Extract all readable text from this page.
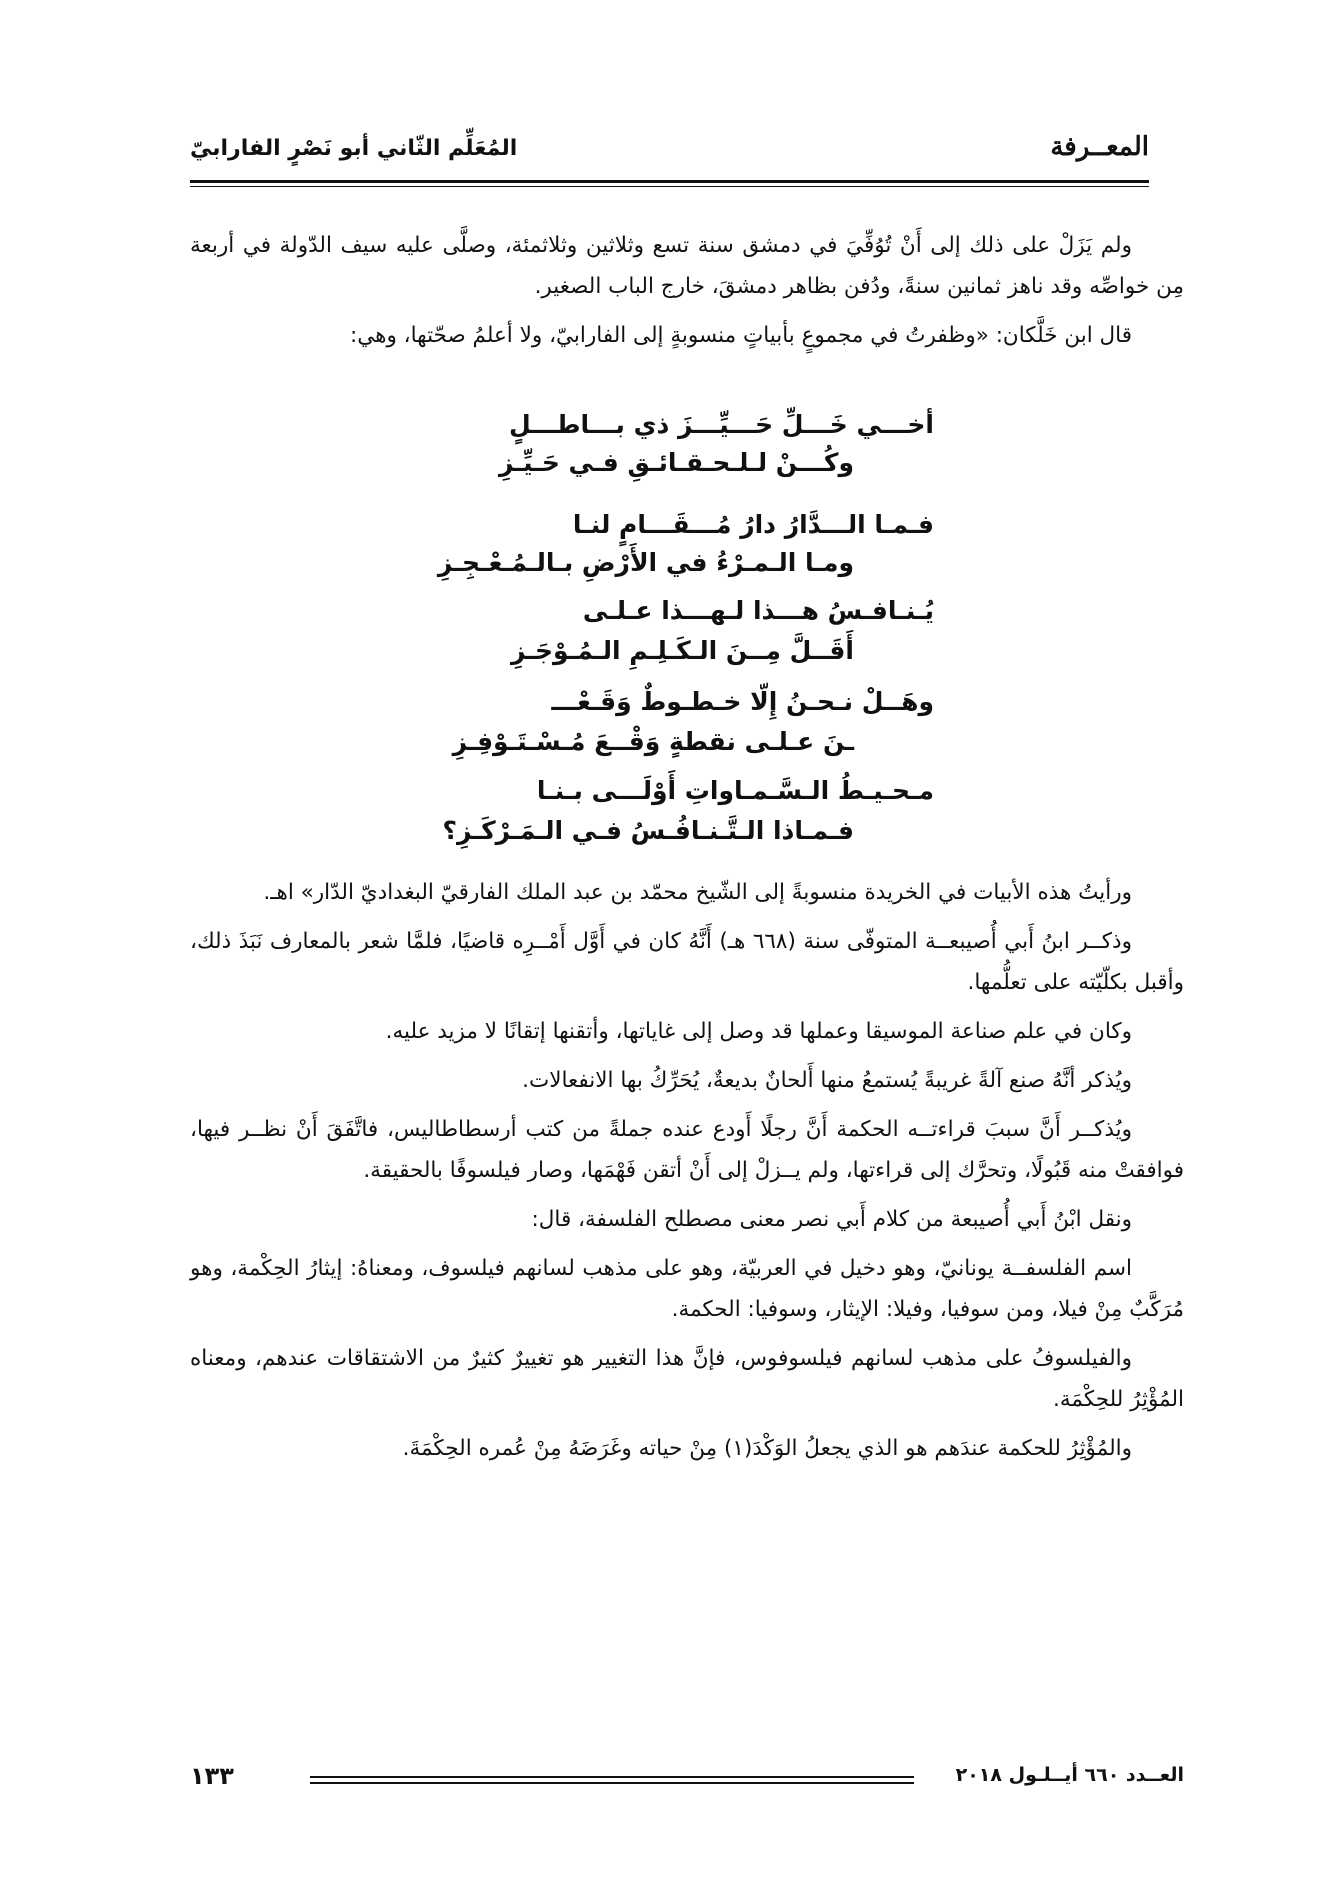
المعــرفة
المُعَلِّم الثّاني أبو نَصْرٍ الفارابيّ

ولم يَزَلْ على ذلك إلى أَنْ تُوُفِّيَ في دمشق سنة تسع وثلاثين وثلاثمئة، وصلَّى عليه سيف الدّولة في أربعة مِن خواصِّه وقد ناهز ثمانين سنةً، ودُفن بظاهر دمشقَ، خارج الباب الصغير.

قال ابن خَلَّكان: «وظفرتُ في مجموعٍ بأبياتٍ منسوبةٍ إلى الفارابيّ، ولا أعلمُ صحّتها، وهي:

أخـــي خَـــلِّ حَـــيِّـــزَ ذي بـــاطـــلٍ
وكُـــنْ لـلـحـقـائـقِ فـي حَـيِّـزِ
فـمـا الـــدَّارُ دارُ مُـــقَـــامٍ لنـا
ومـا الـمـرْءُ في الأَرْضِ بـالـمُـعْـجِـزِ
يُـنـافـسُ هـــذا لـهـــذا عـلـى
أَقَــلَّ مِــنَ الـكَـلِـمِ الـمُـوْجَـزِ
وهَــلْ نـحـنُ إِلّا خـطـوطٌ وَقَـعْـــ
ـنَ عـلـى نقطةٍ وَقْــعَ مُـسْـتَـوْفِـزِ
مـحـيـطُ الـسَّـمـاواتِ أَوْلَـــى بـنـا
فـمـاذا الـتَّـنـافُـسُ فـي الـمَـرْكَـزِ؟

ورأيتُ هذه الأبيات في الخريدة منسوبةً إلى الشّيخ محمّد بن عبد الملك الفارقيّ البغداديّ الدّار» اهـ.

وذكــر ابنُ أَبي أُصيبعــة المتوفّى سنة (٦٦٨ هـ) أَنَّهُ كان في أَوَّل أَمْــرِه قاضيًا، فلمَّا شعر بالمعارف نَبَذَ ذلك، وأقبل بكلّيّته على تعلُّمها.

وكان في علم صناعة الموسيقا وعملها قد وصل إلى غاياتها، وأتقنها إتقانًا لا مزيد عليه.

ويُذكر أنَّهُ صنع آلةً غريبةً يُستمعُ منها أَلحانٌ بديعةٌ، يُحَرِّكُ بها الانفعالات.

ويُذكــر أَنَّ سببَ قراءتــه الحكمة أَنَّ رجلًا أَودع عنده جملةً من كتب أرسطاطاليس، فاتَّفَقَ أَنْ نظــر فيها، فوافقتْ منه قَبُولًا، وتحرَّك إلى قراءتها، ولم يــزلْ إلى أَنْ أتقن فَهْمَها، وصار فيلسوفًا بالحقيقة.

ونقل ابْنُ أَبي أُصيبعة من كلام أَبي نصر معنى مصطلح الفلسفة، قال:

اسم الفلسفــة يونانيّ، وهو دخيل في العربيّة، وهو على مذهب لسانهم فيلسوف، ومعناهُ: إيثارُ الحِكْمة، وهو مُرَكَّبٌ مِنْ فيلا، ومن سوفيا، وفيلا: الإيثار، وسوفيا: الحكمة.

والفيلسوفُ على مذهب لسانهم فيلسوفوس، فإنَّ هذا التغيير هو تغييرٌ كثيرٌ من الاشتقاقات عندهم، ومعناه المُؤْثِرُ للحِكْمَة.

والمُؤْثِرُ للحكمة عندَهم هو الذي يجعلُ الوَكْدَ(١) مِنْ حياته وغَرَضَهُ مِنْ عُمره الحِكْمَةَ.

العــدد ٦٦٠ أيــلـول ٢٠١٨
١٣٣
